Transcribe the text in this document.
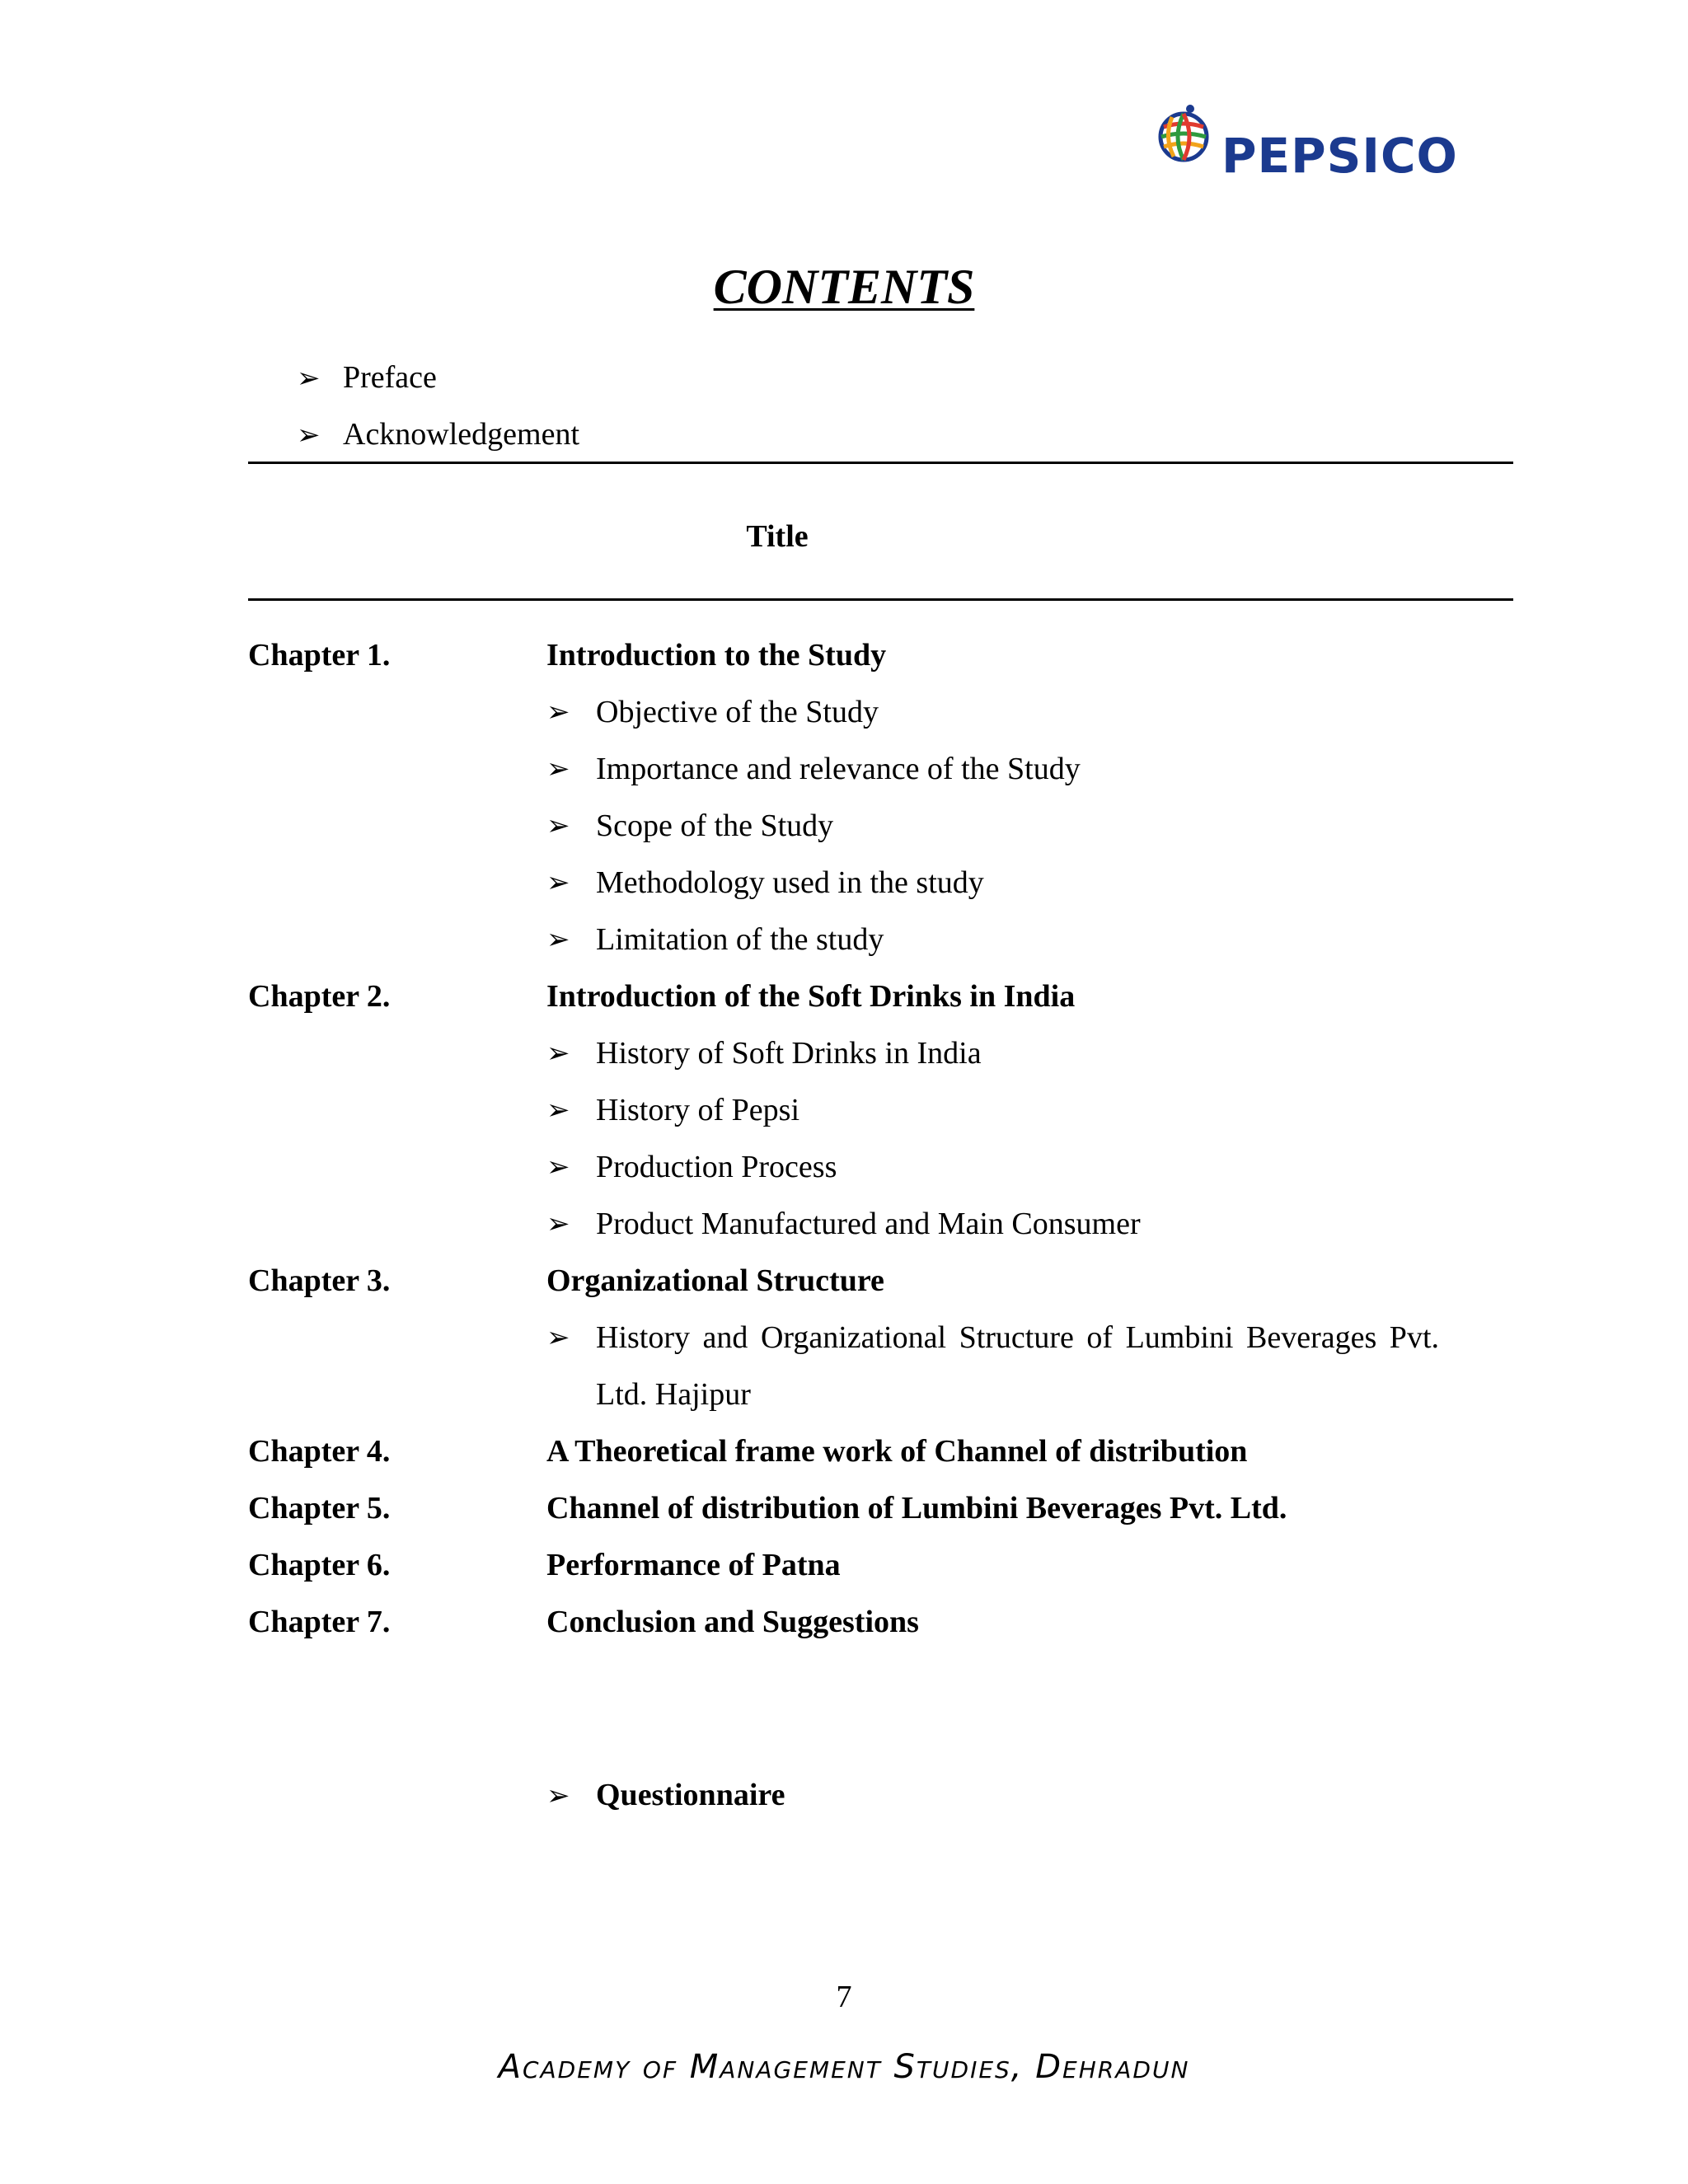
PEPSICO
CONTENTS
➢ Preface
➢ Acknowledgement
Title
Chapter 1.	Introduction to the Study
➢ Objective of the Study
➢ Importance and relevance of the Study
➢ Scope of the Study
➢ Methodology used in the study
➢ Limitation of the study
Chapter 2.	Introduction of the Soft Drinks in India
➢ History of Soft Drinks in India
➢ History of Pepsi
➢ Production Process
➢ Product Manufactured and Main Consumer
Chapter 3.	Organizational Structure
➢ History and Organizational Structure of Lumbini Beverages Pvt. Ltd. Hajipur
Chapter 4.	A Theoretical frame work of Channel of distribution
Chapter 5.	Channel of distribution of Lumbini Beverages Pvt. Ltd.
Chapter 6.	Performance of Patna
Chapter 7.	Conclusion and Suggestions
➢ Questionnaire
7
Academy of Management Studies, Dehradun
